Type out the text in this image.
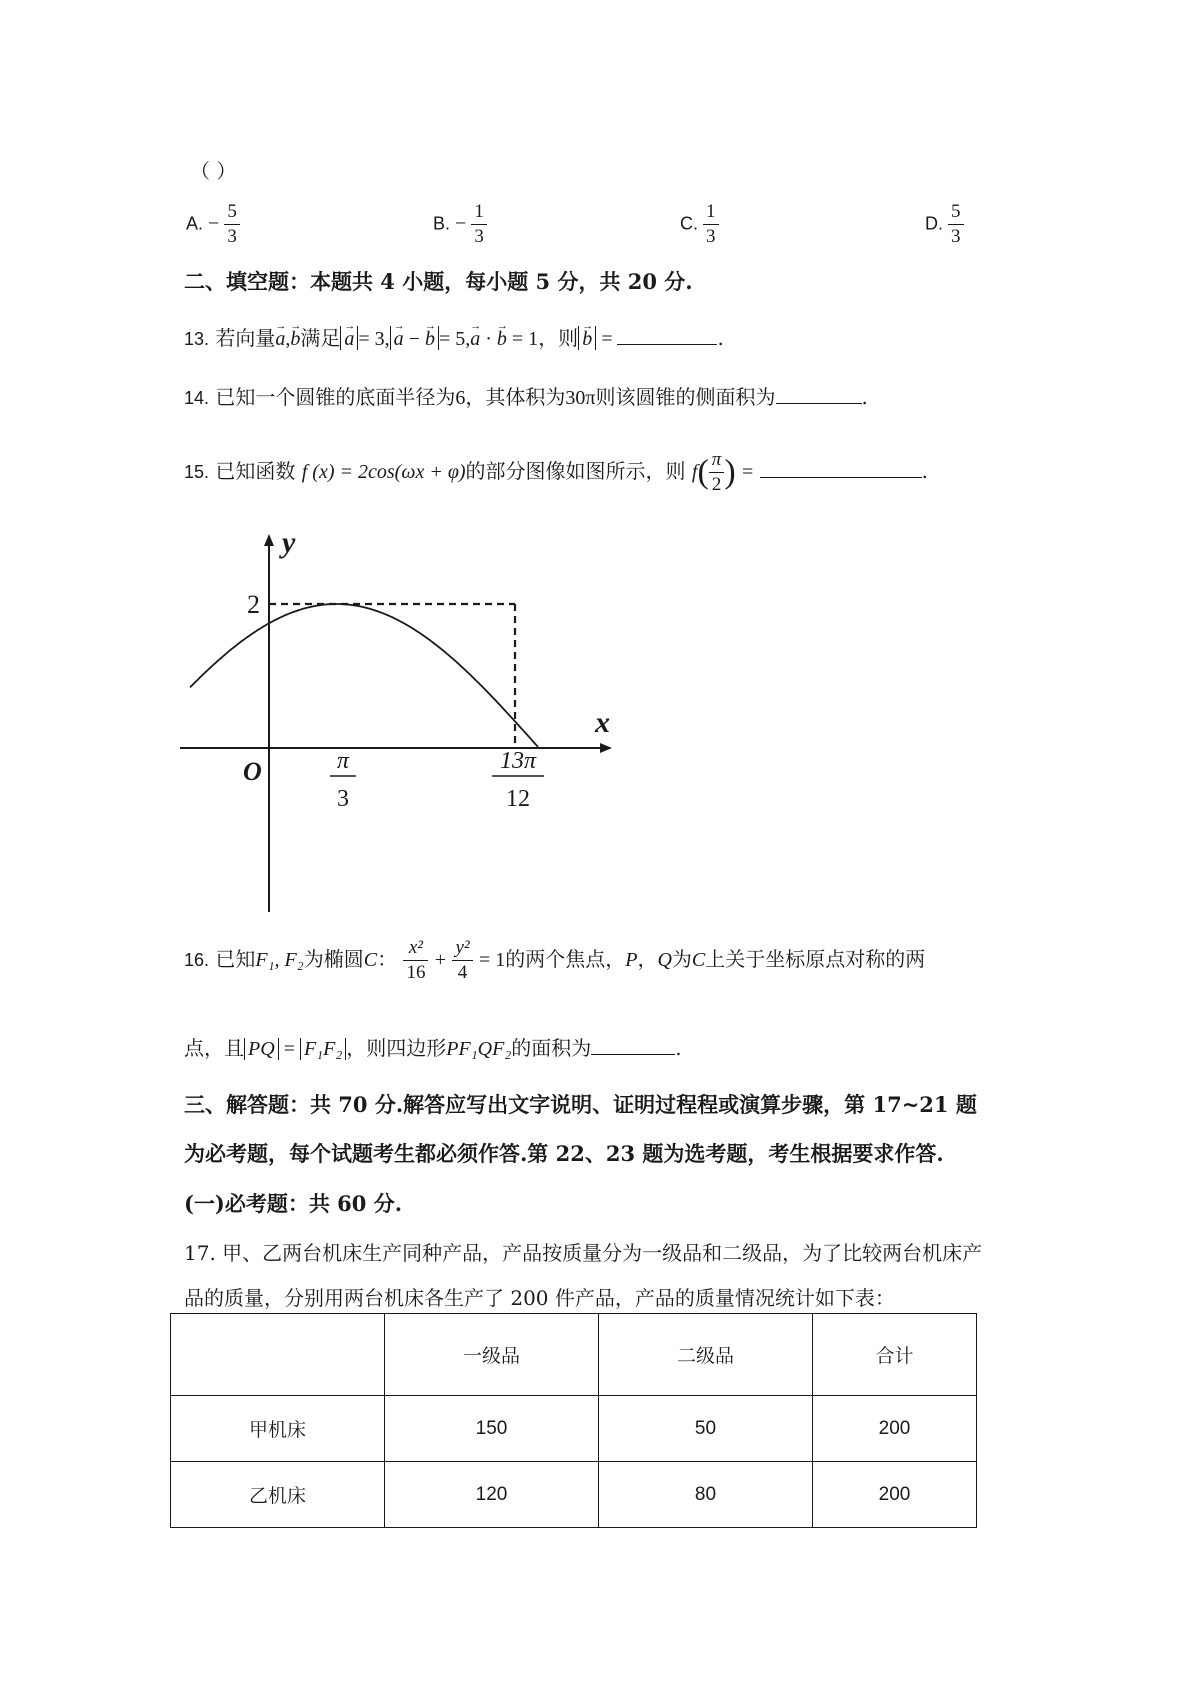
（ ）
A. − $\frac{5}{3}$	B. − $\frac{1}{3}$	C. $\frac{1}{3}$	D. $\frac{5}{3}$
二、填空题：本题共 4 小题，每小题 5 分，共 20 分.
13. 若向量→ a,→ b满足 → a = 3, → a − → b = 5,→ a · → b = 1，则 → b =	.
14. 已知一个圆锥的底面半径为6，其体积为30π则该圆锥的侧面积为	.
15. 已知函数 f (x) = 2cos(ωx + φ)的部分图像如图所示，则 $f( \frac{\pi}{2}$ ) =	.
y
x
O
2
π
3
13π
12
16. 已知F₁, F₂为椭圆C： $\frac{\text{x²}}{16} + \frac{\text{y²}}{4} = 1$的两个焦点，P，Q为C上关于坐标原点对称的两
点，且 PQ = F₁F₂ ，则四边形PF₁QF₂的面积为	.
三、解答题：共 70 分.解答应写出文字说明、证明过程程或演算步骤，第 17~21 题
为必考题，每个试题考生都必须作答.第 22、23 题为选考题，考生根据要求作答.
(一)必考题：共 60 分.
17. 甲、乙两台机床生产同种产品，产品按质量分为一级品和二级品，为了比较两台机床产
品的质量，分别用两台机床各生产了 200 件产品，产品的质量情况统计如下表：
	一级品	二级品	合计
甲机床	150	50	200
乙机床	120	80	200
